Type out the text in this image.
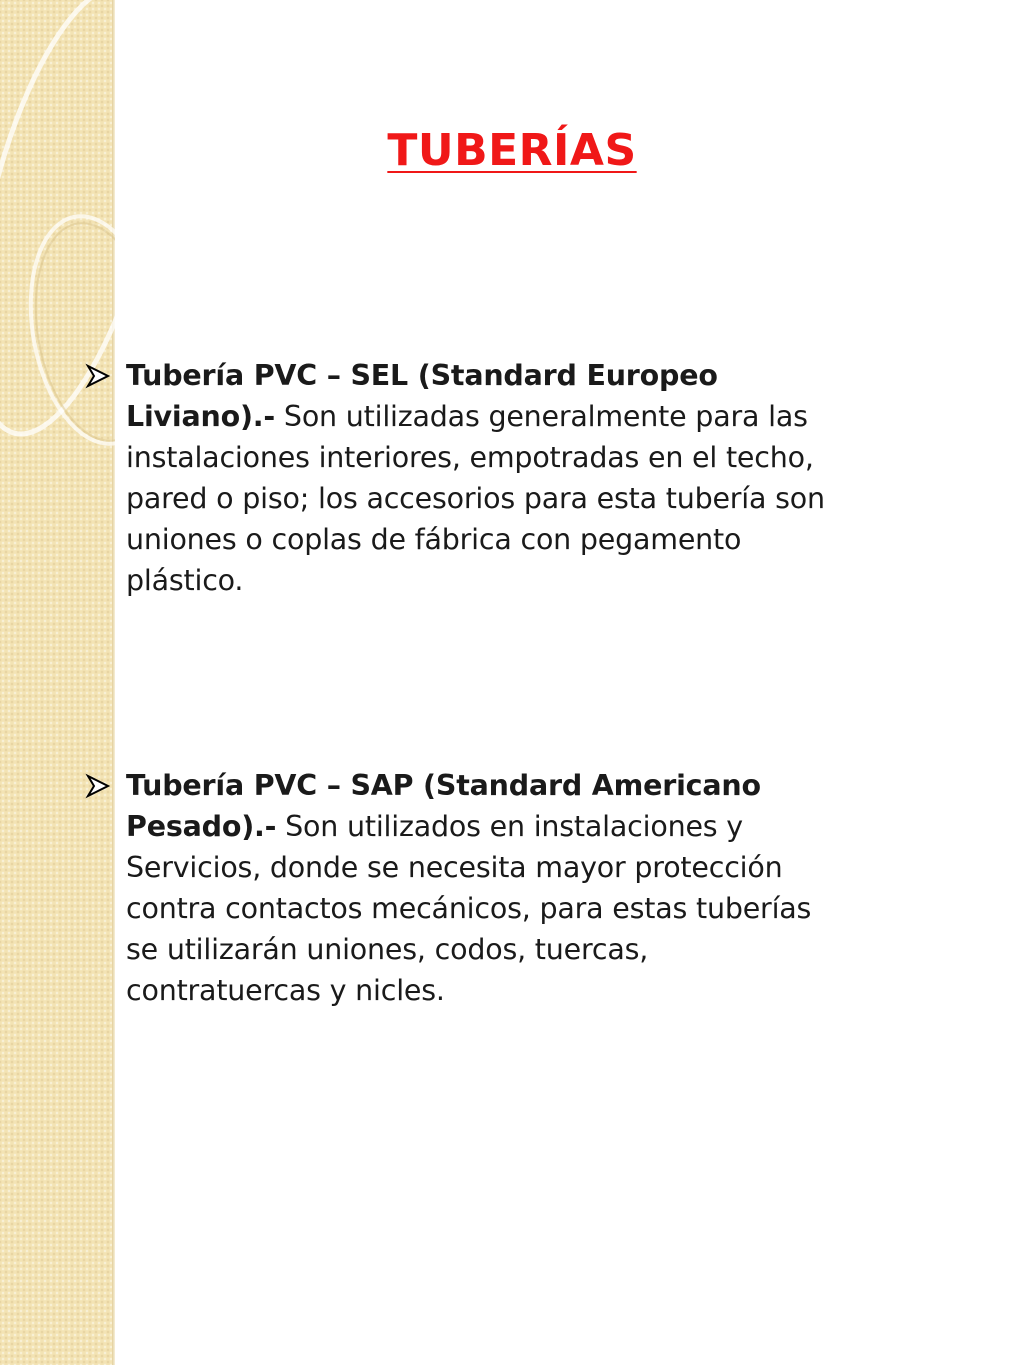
TUBERÍAS
Tubería PVC – SEL (Standard Europeo Liviano).- Son utilizadas generalmente para las instalaciones interiores, empotradas en el techo, pared o piso; los accesorios para esta tubería son uniones o coplas de fábrica con pegamento plástico.
Tubería PVC – SAP (Standard Americano Pesado).- Son utilizados en instalaciones y Servicios, donde se necesita mayor protección contra contactos mecánicos, para estas tuberías se utilizarán uniones, codos, tuercas, contratuercas y nicles.
